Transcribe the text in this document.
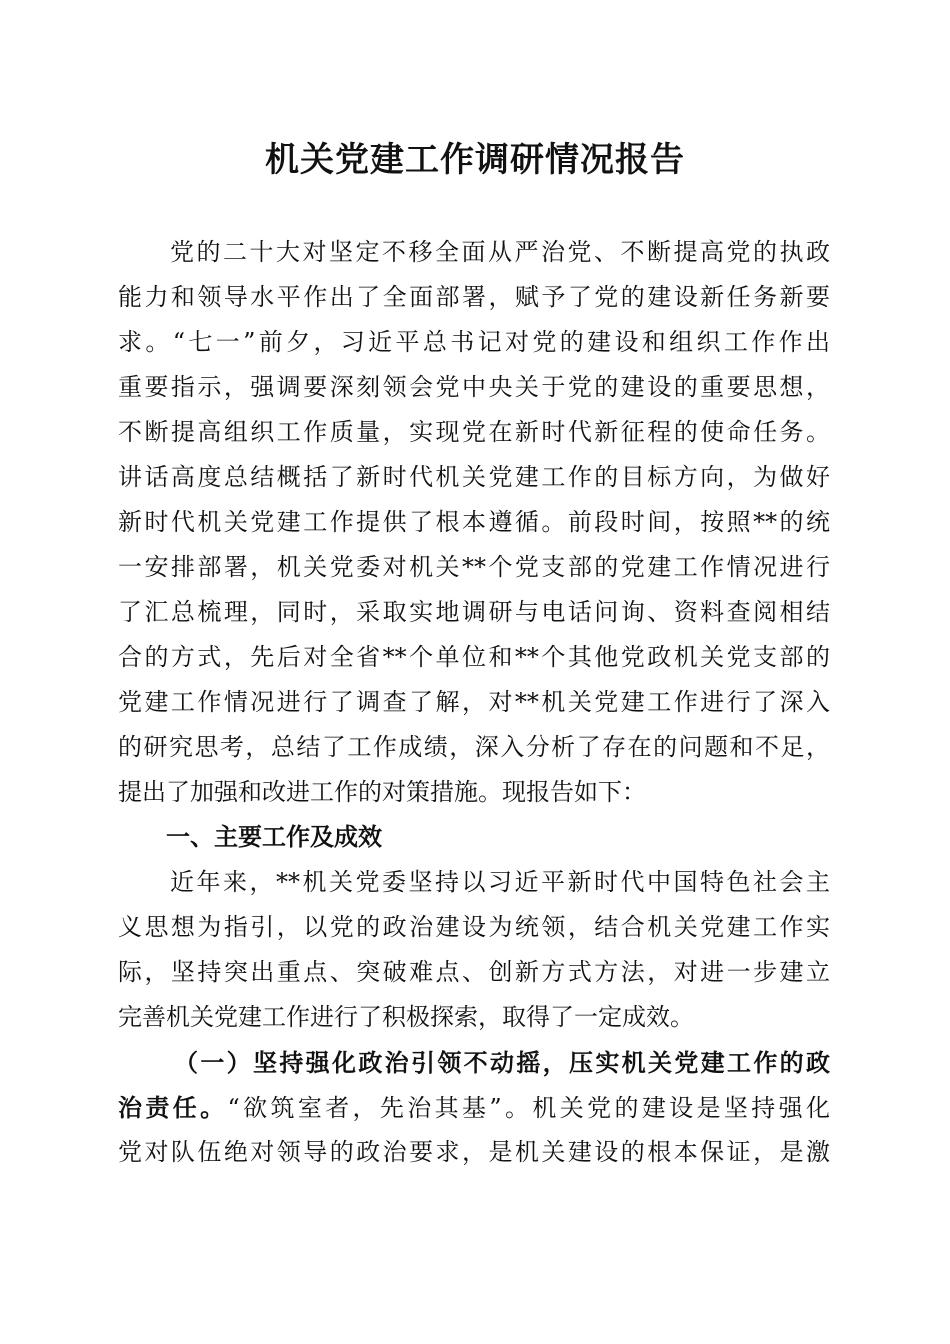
机关党建工作调研情况报告
党的二十大对坚定不移全面从严治党、不断提高党的执政
能力和领导水平作出了全面部署，赋予了党的建设新任务新要
求。“七一”前夕，习近平总书记对党的建设和组织工作作出
重要指示，强调要深刻领会党中央关于党的建设的重要思想，
不断提高组织工作质量，实现党在新时代新征程的使命任务。
讲话高度总结概括了新时代机关党建工作的目标方向，为做好
新时代机关党建工作提供了根本遵循。前段时间，按照**的统
一安排部署，机关党委对机关**个党支部的党建工作情况进行
了汇总梳理，同时，采取实地调研与电话问询、资料查阅相结
合的方式，先后对全省**个单位和**个其他党政机关党支部的
党建工作情况进行了调查了解，对**机关党建工作进行了深入
的研究思考，总结了工作成绩，深入分析了存在的问题和不足，
提出了加强和改进工作的对策措施。现报告如下：
一、主要工作及成效
近年来，**机关党委坚持以习近平新时代中国特色社会主
义思想为指引，以党的政治建设为统领，结合机关党建工作实
际，坚持突出重点、突破难点、创新方式方法，对进一步建立
完善机关党建工作进行了积极探索，取得了一定成效。
（一）坚持强化政治引领不动摇，压实机关党建工作的政
治责任。“欲筑室者，先治其基”。机关党的建设是坚持强化
党对队伍绝对领导的政治要求，是机关建设的根本保证，是激
